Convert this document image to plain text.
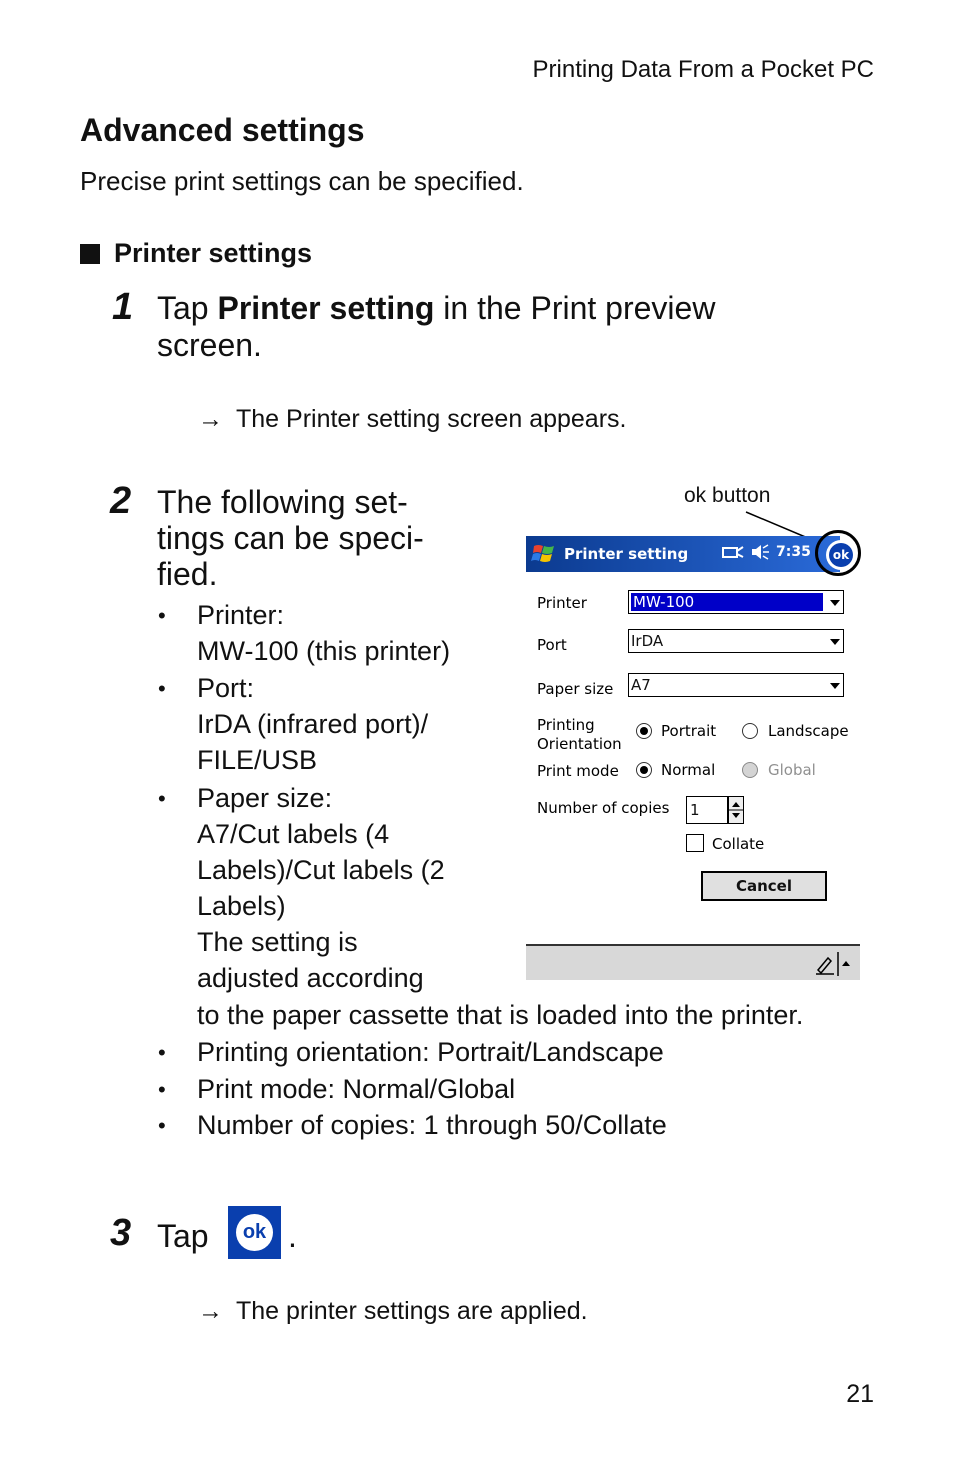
Printing Data From a Pocket PC
Advanced settings
Precise print settings can be specified.
Printer settings
1 Tap Printer setting in the Print preview
screen.
→ The Printer setting screen appears.
2 The following set-
tings can be speci-
fied.
• Printer:
MW-100 (this printer)
• Port:
IrDA (infrared port)/
FILE/USB
• Paper size:
A7/Cut labels (4
Labels)/Cut labels (2
Labels)
The setting is
adjusted according
to the paper cassette that is loaded into the printer.
• Printing orientation: Portrait/Landscape
• Print mode: Normal/Global
• Number of copies: 1 through 50/Collate
ok button
Printer setting	7:35	ok
Printer	MW-100
Port	IrDA
Paper size A7
Printing
Orientation
Portrait	Landscape
Print mode	Normal	Global
Number of copies 1
Collate
Cancel
3 Tap	ok .
→ The printer settings are applied.
21
